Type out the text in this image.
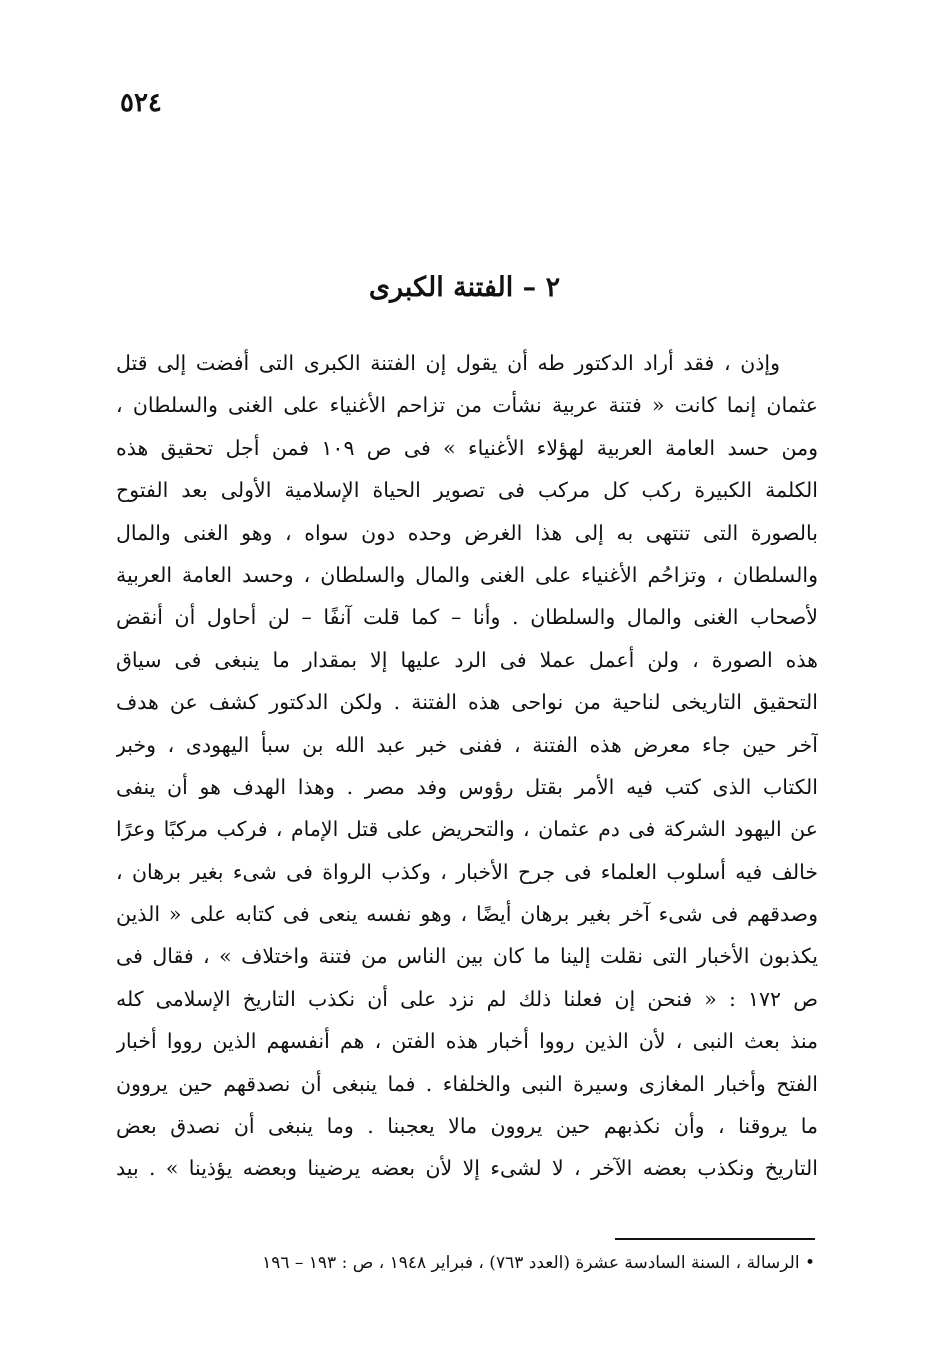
٥٢٤
٢ – الفتنة الكبرى
وإذن ، فقد أراد الدكتور طه أن يقول إن الفتنة الكبرى التى أفضت إلى قتل
عثمان إنما كانت « فتنة عربية نشأت من تزاحم الأغنياء على الغنى والسلطان ،
ومن حسد العامة العربية لهؤلاء الأغنياء » فى ص ١٠٩ فمن أجل تحقيق هذه
الكلمة الكبيرة ركب كل مركب فى تصوير الحياة الإسلامية الأولى بعد الفتوح
بالصورة التى تنتهى به إلى هذا الغرض وحده دون سواه ، وهو الغنى والمال
والسلطان ، وتزاحُم الأغنياء على الغنى والمال والسلطان ، وحسد العامة العربية
لأصحاب الغنى والمال والسلطان . وأنا – كما قلت آنفًا – لن أحاول أن أنقض
هذه الصورة ، ولن أعمل عملا فى الرد عليها إلا بمقدار ما ينبغى فى سياق
التحقيق التاريخى لناحية من نواحى هذه الفتنة . ولكن الدكتور كشف عن هدف
آخر حين جاء معرض هذه الفتنة ، ففنى خبر عبد الله بن سبأ اليهودى ، وخبر
الكتاب الذى كتب فيه الأمر بقتل رؤوس وفد مصر . وهذا الهدف هو أن ينفى
عن اليهود الشركة فى دم عثمان ، والتحريض على قتل الإمام ، فركب مركبًا وعرًا
خالف فيه أسلوب العلماء فى جرح الأخبار ، وكذب الرواة فى شىء بغير برهان ،
وصدقهم فى شىء آخر بغير برهان أيضًا ، وهو نفسه ينعى فى كتابه على « الذين
يكذبون الأخبار التى نقلت إلينا ما كان بين الناس من فتنة واختلاف » ، فقال فى
ص ١٧٢ : « فنحن إن فعلنا ذلك لم نزد على أن نكذب التاريخ الإسلامى كله
منذ بعث النبى ، لأن الذين رووا أخبار هذه الفتن ، هم أنفسهم الذين رووا أخبار
الفتح وأخبار المغازى وسيرة النبى والخلفاء . فما ينبغى أن نصدقهم حين يروون
ما يروقنا ، وأن نكذبهم حين يروون مالا يعجبنا . وما ينبغى أن نصدق بعض
التاريخ ونكذب بعضه الآخر ، لا لشىء إلا لأن بعضه يرضينا وبعضه يؤذينا » . بيد
• الرسالة ، السنة السادسة عشرة (العدد ٧٦٣) ، فبراير ١٩٤٨ ، ص : ١٩٣ – ١٩٦
